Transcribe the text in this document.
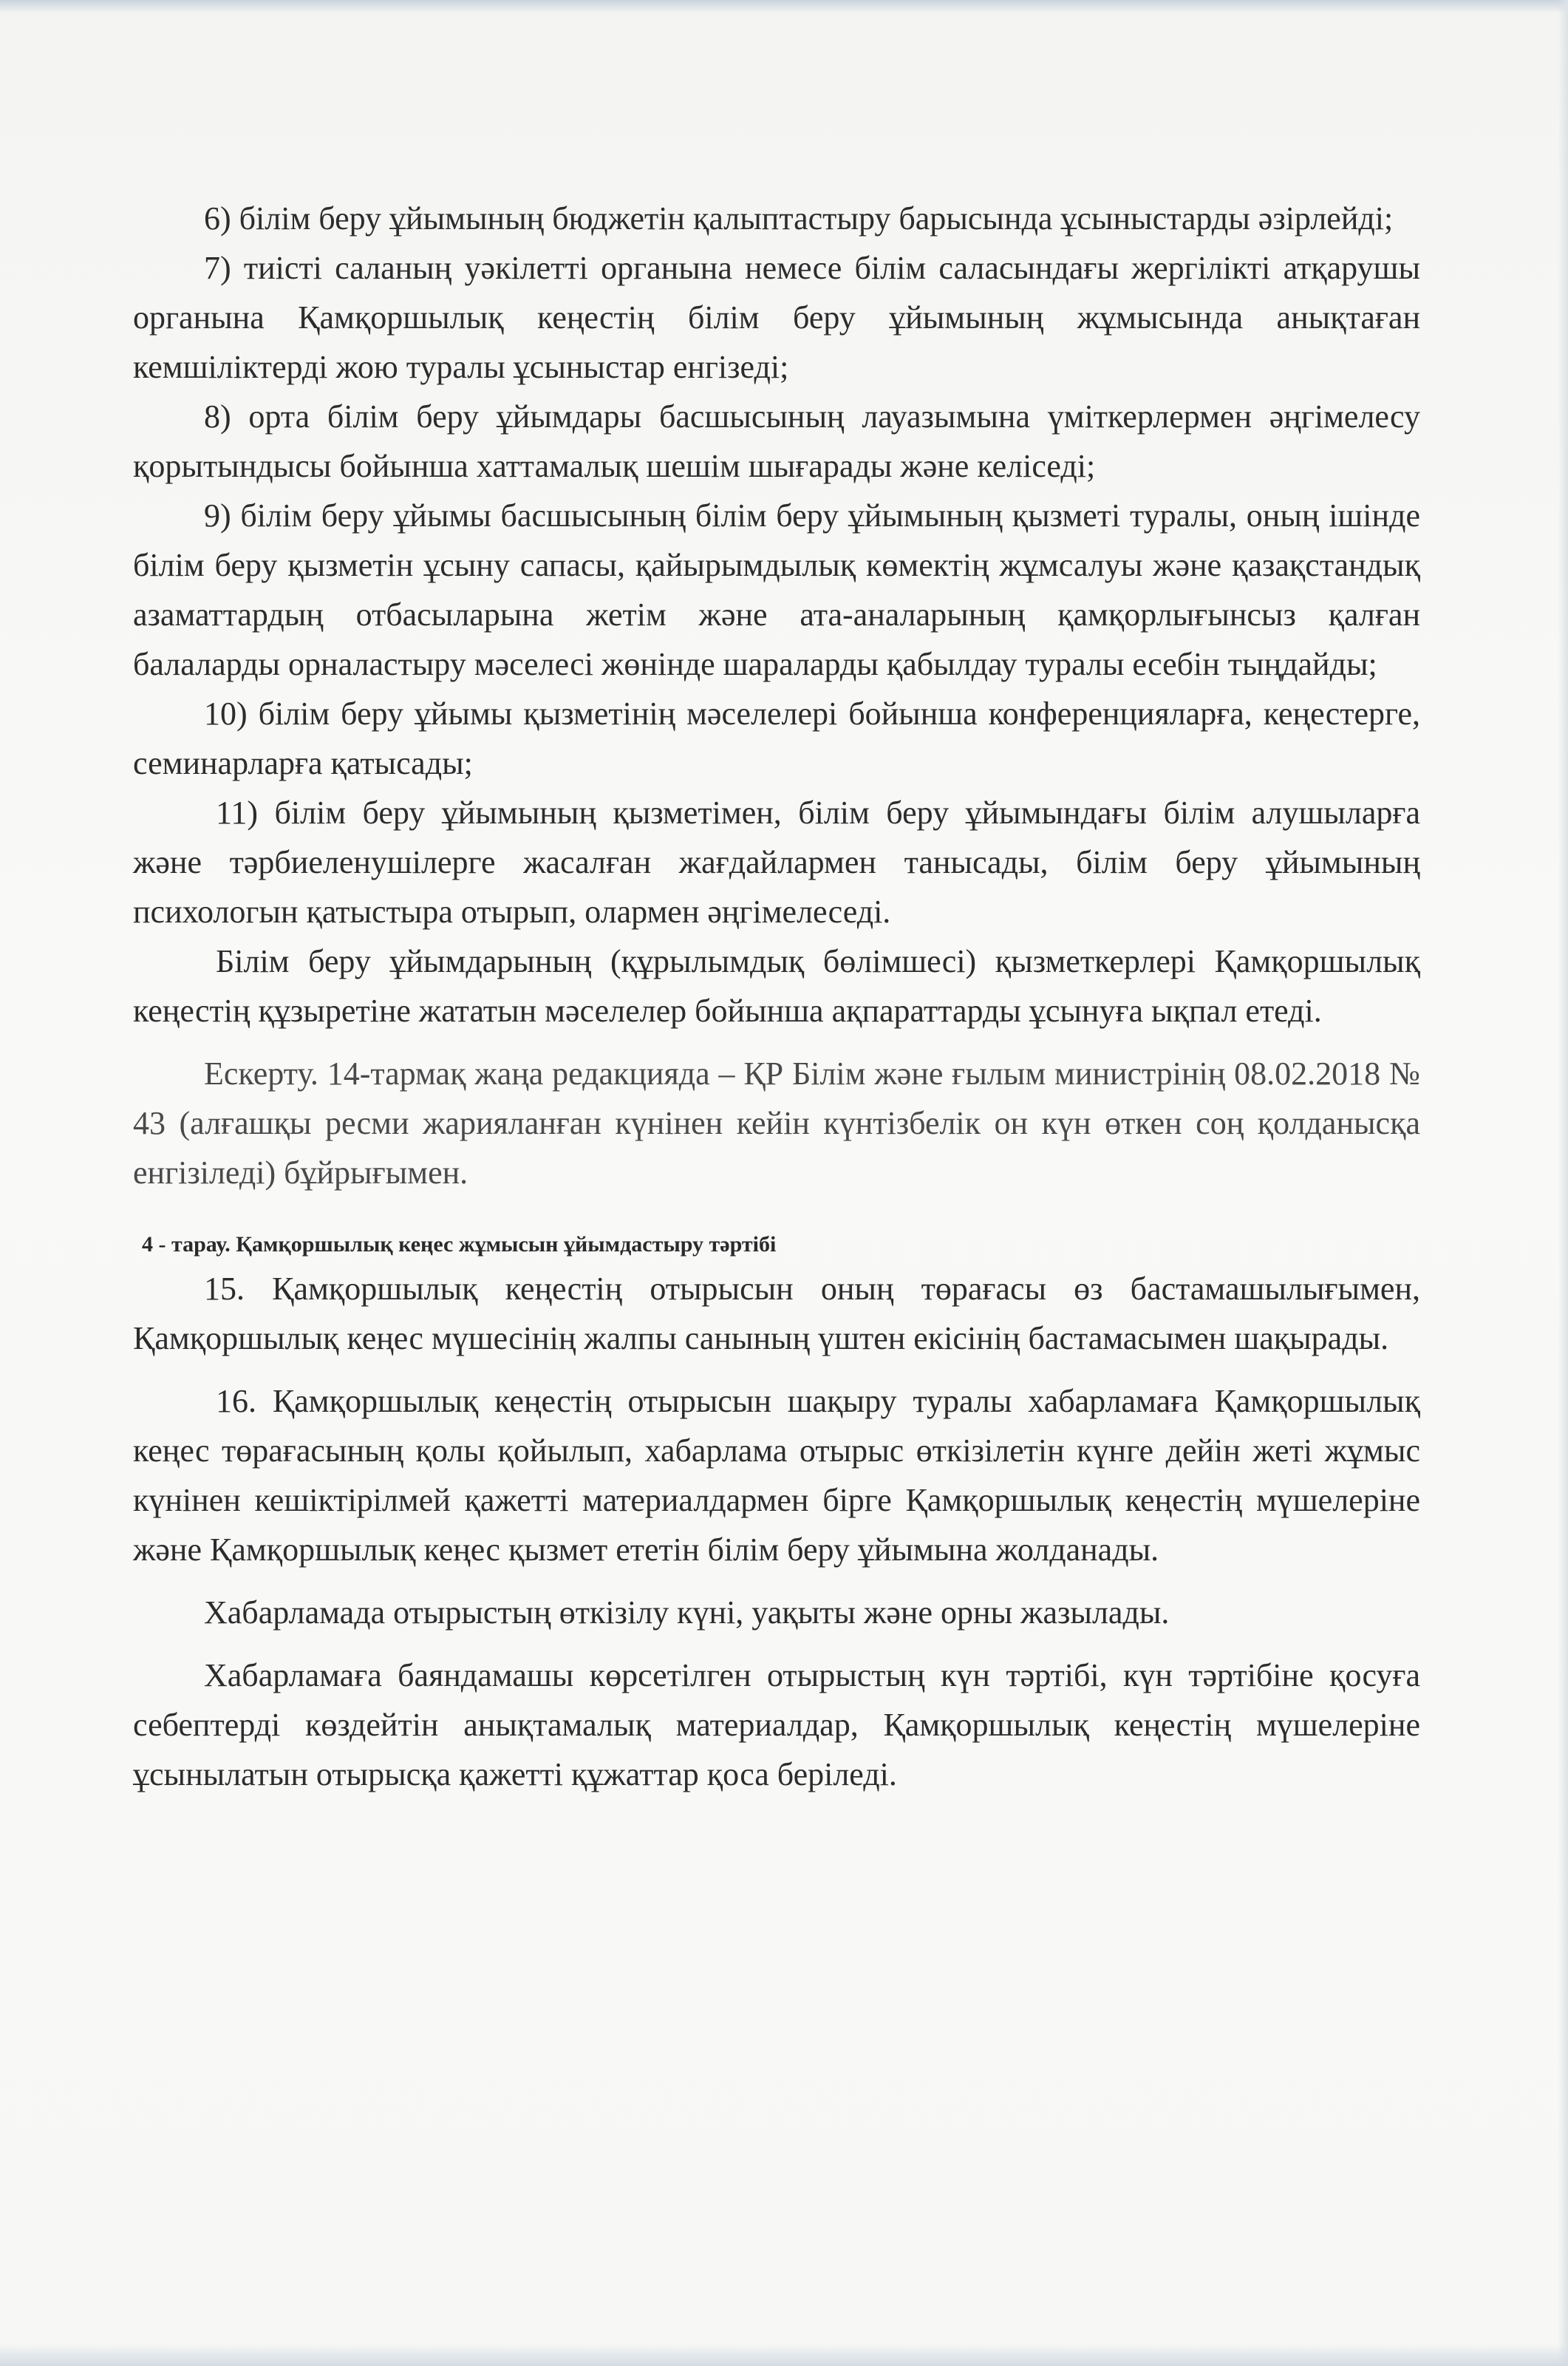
6) білім беру ұйымының бюджетін қалыптастыру барысында ұсыныстарды әзірлейді;

7) тиісті саланың уәкілетті органына немесе білім саласындағы жергілікті атқарушы органына Қамқоршылық кеңестің білім беру ұйымының жұмысында анықтаған кемшіліктерді жою туралы ұсыныстар енгізеді;

8) орта білім беру ұйымдары басшысының лауазымына үміткерлермен әңгімелесу қорытындысы бойынша хаттамалық шешім шығарады және келіседі;

9) білім беру ұйымы басшысының білім беру ұйымының қызметі туралы, оның ішінде білім беру қызметін ұсыну сапасы, қайырымдылық көмектің жұмсалуы және қазақстандық азаматтардың отбасыларына жетім және ата-аналарының қамқорлығынсыз қалған балаларды орналастыру мәселесі жөнінде шараларды қабылдау туралы есебін тыңдайды;

10) білім беру ұйымы қызметінің мәселелері бойынша конференцияларға, кеңестерге, семинарларға қатысады;

11) білім беру ұйымының қызметімен, білім беру ұйымындағы білім алушыларға және тәрбиеленушілерге жасалған жағдайлармен танысады, білім беру ұйымының психологын қатыстыра отырып, олармен әңгімелеседі.

Білім беру ұйымдарының (құрылымдық бөлімшесі) қызметкерлері Қамқоршылық кеңестің құзыретіне жататын мәселелер бойынша ақпараттарды ұсынуға ықпал етеді.

Ескерту. 14-тармақ жаңа редакцияда – ҚР Білім және ғылым министрінің 08.02.2018 № 43 (алғашқы ресми жарияланған күнінен кейін күнтізбелік он күн өткен соң қолданысқа енгізіледі) бұйрығымен.

4 - тарау. Қамқоршылық кеңес жұмысын ұйымдастыру тәртібі

15. Қамқоршылық кеңестің отырысын оның төрағасы өз бастамашылығымен, Қамқоршылық кеңес мүшесінің жалпы санының үштен екісінің бастамасымен шақырады.

16. Қамқоршылық кеңестің отырысын шақыру туралы хабарламаға Қамқоршылық кеңес төрағасының қолы қойылып, хабарлама отырыс өткізілетін күнге дейін жеті жұмыс күнінен кешіктірілмей қажетті материалдармен бірге Қамқоршылық кеңестің мүшелеріне және Қамқоршылық кеңес қызмет ететін білім беру ұйымына жолданады.

Хабарламада отырыстың өткізілу күні, уақыты және орны жазылады.

Хабарламаға баяндамашы көрсетілген отырыстың күн тәртібі, күн тәртібіне қосуға себептерді көздейтін анықтамалық материалдар, Қамқоршылық кеңестің мүшелеріне ұсынылатын отырысқа қажетті құжаттар қоса беріледі.
